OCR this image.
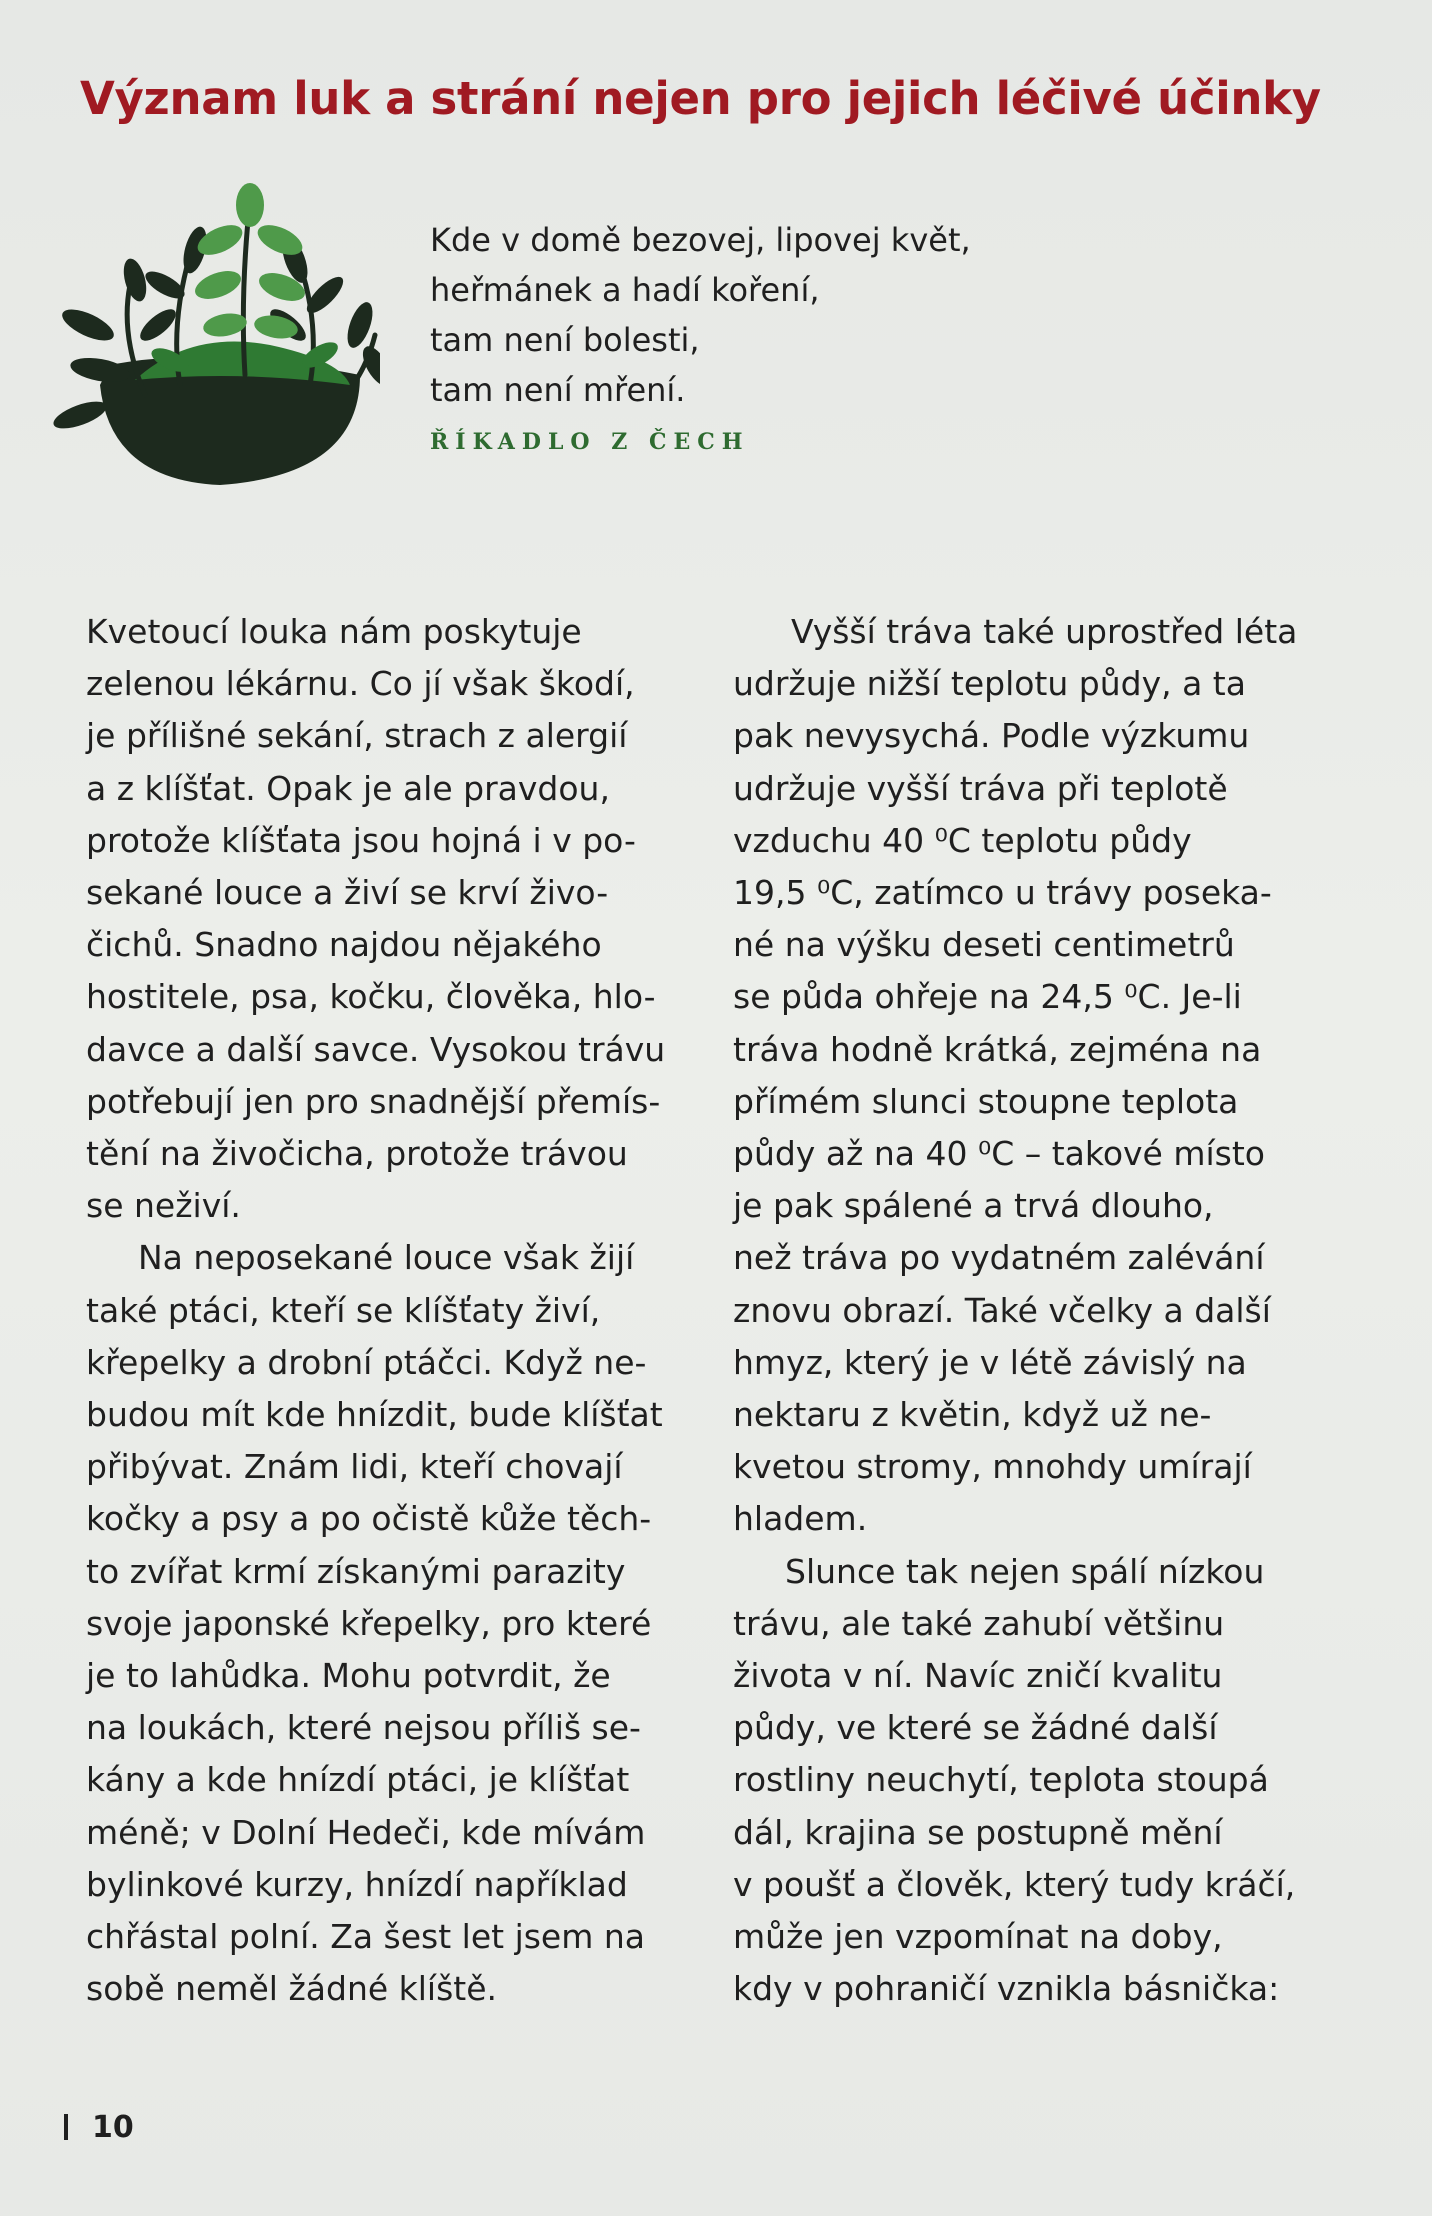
Význam luk a strání nejen pro jejich léčivé účinky
Kde v domě bezovej, lipovej květ,
heřmánek a hadí koření,
tam není bolesti,
tam není mření.
ŘÍKADLO Z ČECH
Kvetoucí louka nám poskytuje
zelenou lékárnu. Co jí však škodí,
je přílišné sekání, strach z alergií
a z klíšťat. Opak je ale pravdou,
protože klíšťata jsou hojná i v po-
sekané louce a živí se krví živo-
čichů. Snadno najdou nějakého
hostitele, psa, kočku, člověka, hlo-
davce a další savce. Vysokou trávu
potřebují jen pro snadnější přemís-
tění na živočicha, protože trávou
se neživí.
Na neposekané louce však žijí
také ptáci, kteří se klíšťaty živí,
křepelky a drobní ptáčci. Když ne-
budou mít kde hnízdit, bude klíšťat
přibývat. Znám lidi, kteří chovají
kočky a psy a po očistě kůže těch-
to zvířat krmí získanými parazity
svoje japonské křepelky, pro které
je to lahůdka. Mohu potvrdit, že
na loukách, které nejsou příliš se-
kány a kde hnízdí ptáci, je klíšťat
méně; v Dolní Hedeči, kde mívám
bylinkové kurzy, hnízdí například
chřástal polní. Za šest let jsem na
sobě neměl žádné klíště.
Vyšší tráva také uprostřed léta
udržuje nižší teplotu půdy, a ta
pak nevysychá. Podle výzkumu
udržuje vyšší tráva při teplotě
vzduchu 40 ⁰C teplotu půdy
19,5 ⁰C, zatímco u trávy poseka-
né na výšku deseti centimetrů
se půda ohřeje na 24,5 ⁰C. Je-li
tráva hodně krátká, zejména na
přímém slunci stoupne teplota
půdy až na 40 ⁰C – takové místo
je pak spálené a trvá dlouho,
než tráva po vydatném zalévání
znovu obrazí. Také včelky a další
hmyz, který je v létě závislý na
nektaru z květin, když už ne-
kvetou stromy, mnohdy umírají
hladem.
Slunce tak nejen spálí nízkou
trávu, ale také zahubí většinu
života v ní. Navíc zničí kvalitu
půdy, ve které se žádné další
rostliny neuchytí, teplota stoupá
dál, krajina se postupně mění
v poušť a člověk, který tudy kráčí,
může jen vzpomínat na doby,
kdy v pohraničí vznikla básnička:
10
